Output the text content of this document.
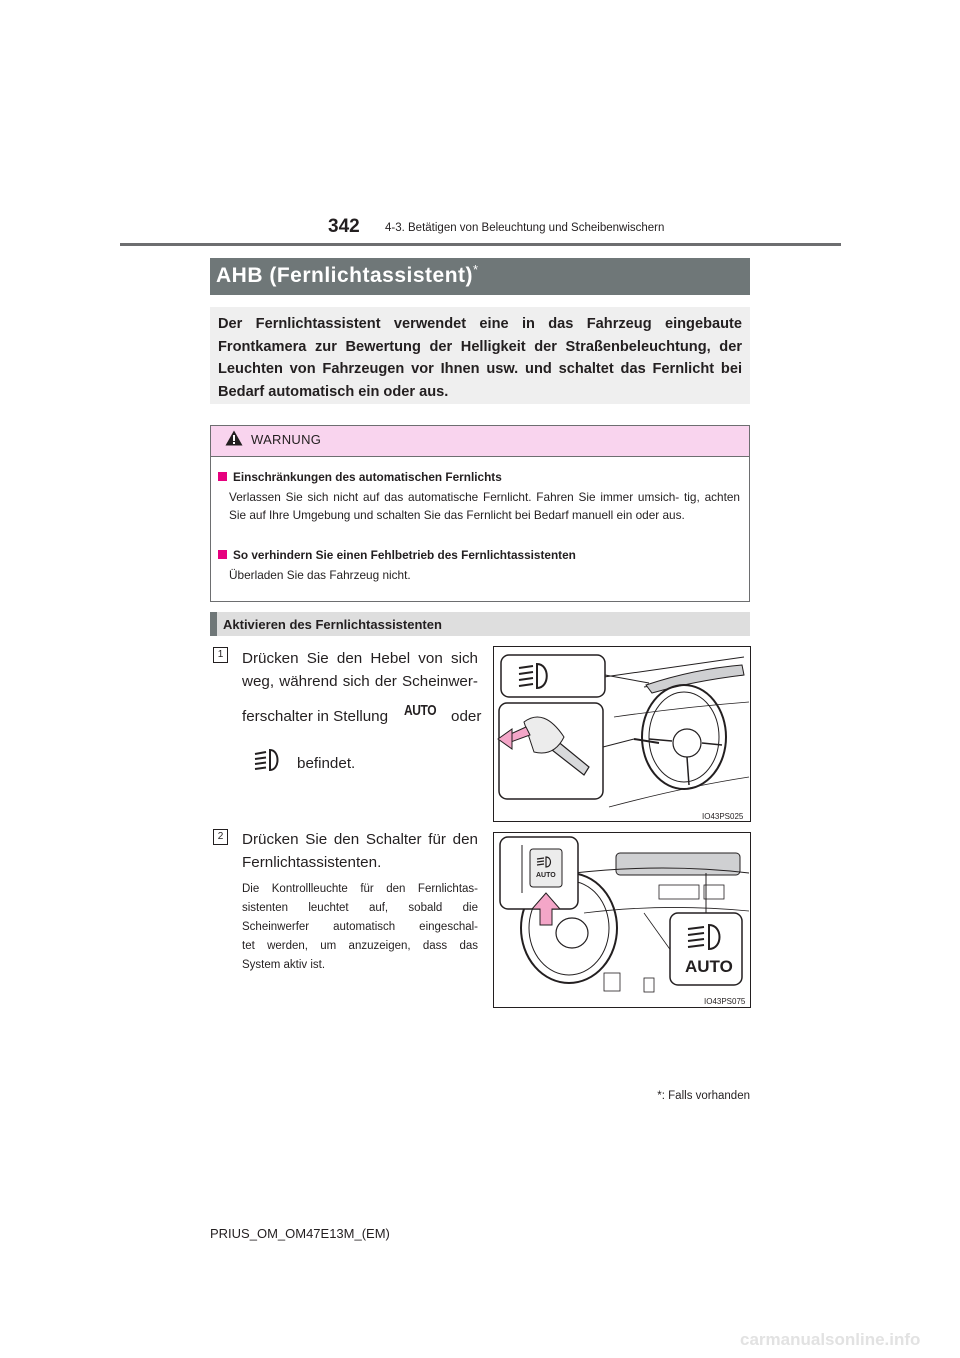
342 4-3. Betätigen von Beleuchtung und Scheibenwischern
AHB (Fernlichtassistent)*
Der Fernlichtassistent verwendet eine in das Fahrzeug eingebaute Frontkamera zur Bewertung der Helligkeit der Straßenbeleuchtung, der Leuchten von Fahrzeugen vor Ihnen usw. und schaltet das Fernlicht bei Bedarf automatisch ein oder aus.
WARNUNG
Einschränkungen des automatischen Fernlichts
Verlassen Sie sich nicht auf das automatische Fernlicht. Fahren Sie immer umsich- tig, achten Sie auf Ihre Umgebung und schalten Sie das Fernlicht bei Bedarf manuell ein oder aus.
So verhindern Sie einen Fehlbetrieb des Fernlichtassistenten
Überladen Sie das Fahrzeug nicht.
Aktivieren des Fernlichtassistenten
1	Drücken Sie den Hebel von sich
weg, während sich der Scheinwer-
ferschalter in Stellung AUTO oder
befindet.
IO43PS025
2	Drücken Sie den Schalter für den
Fernlichtassistenten.
Die Kontrollleuchte für den Fernlichtas-
sistenten leuchtet auf, sobald die
Scheinwerfer automatisch eingeschal-
tet werden, um anzuzeigen, dass das
System aktiv ist.
AUTO
AUTO
IO43PS075
*: Falls vorhanden
PRIUS_OM_OM47E13M_(EM)
carmanualsonline.info
